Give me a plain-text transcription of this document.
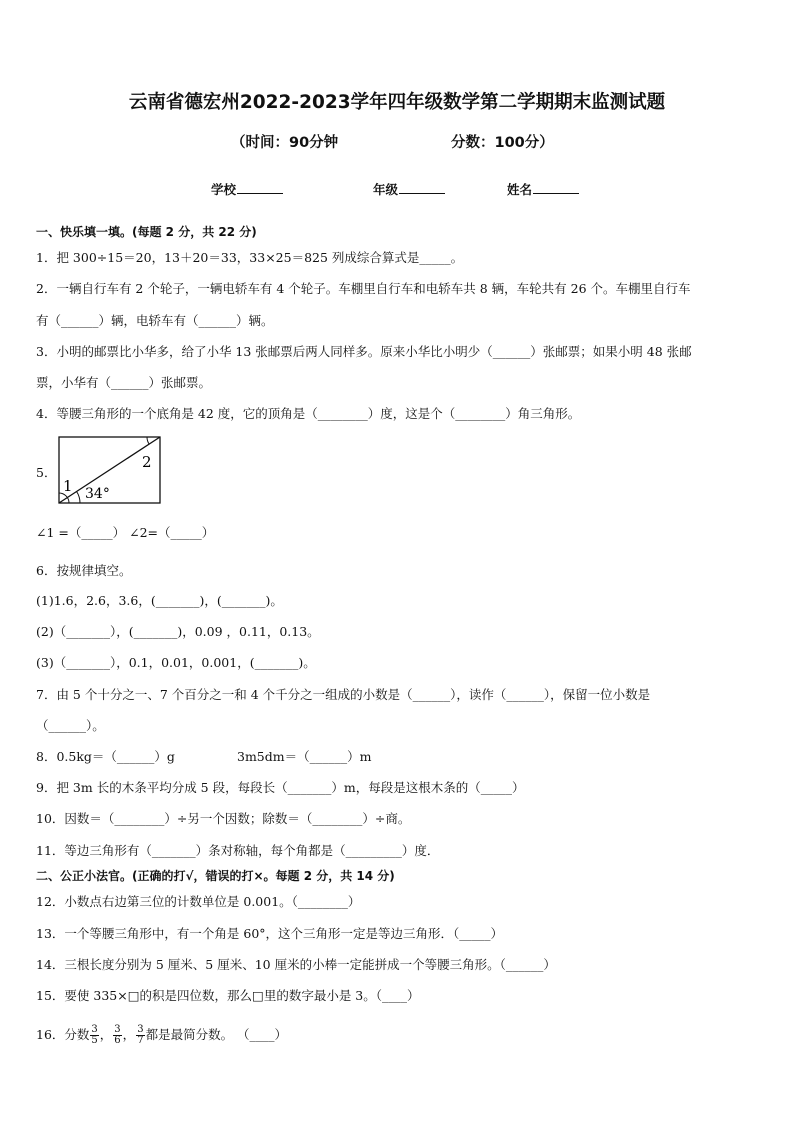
云南省德宏州2022-2023学年四年级数学第二学期期末监测试题
（时间：90分钟	分数：100分）
学校	年级	姓名
一、快乐填一填。(每题 2 分，共 22 分)
1．把 300÷15＝20，13＋20＝33，33×25＝825 列成综合算式是_____。
2．一辆自行车有 2 个轮子，一辆电轿车有 4 个轮子。车棚里自行车和电轿车共 8 辆，车轮共有 26 个。车棚里自行车
有（______）辆，电轿车有（______）辆。
3．小明的邮票比小华多，给了小华 13 张邮票后两人同样多。原来小华比小明少（______）张邮票；如果小明 48 张邮
票，小华有（______）张邮票。
4．等腰三角形的一个底角是 42 度，它的顶角是（________）度，这是个（________）角三角形。
5．
1
2
34°
∠1 =（_____） ∠2=（_____）
6．按规律填空。
(1)1.6，2.6，3.6，(_______)，(_______)。
(2)（_______），(_______)，0.09 ，0.11，0.13。
(3)（_______），0.1，0.01，0.001，(_______)。
7．由 5 个十分之一、7 个百分之一和 4 个千分之一组成的小数是（______），读作（______），保留一位小数是
（______）。
8．0.5kg＝（______）g	3m5dm＝（______）m
9．把 3m 长的木条平均分成 5 段，每段长（_______）m，每段是这根木条的（_____）
10．因数＝（________）÷另一个因数；除数＝（________）÷商。
11．等边三角形有（_______）条对称轴，每个角都是（_________）度．
二、公正小法官。(正确的打√，错误的打×。每题 2 分，共 14 分)
12．小数点右边第三位的计数单位是 0.001。（________）
13．一个等腰三角形中，有一个角是 60°，这个三角形一定是等边三角形．（_____）
14．三根长度分别为 5 厘米、5 厘米、10 厘米的小棒一定能拼成一个等腰三角形。（______）
15．要使 335×□的积是四位数，那么□里的数字最小是 3。（____）
16．分数 $\frac{3}{5}$ ， $\frac{3}{6}$ ， $\frac{3}{7}$ 都是最简分数。 （____）
